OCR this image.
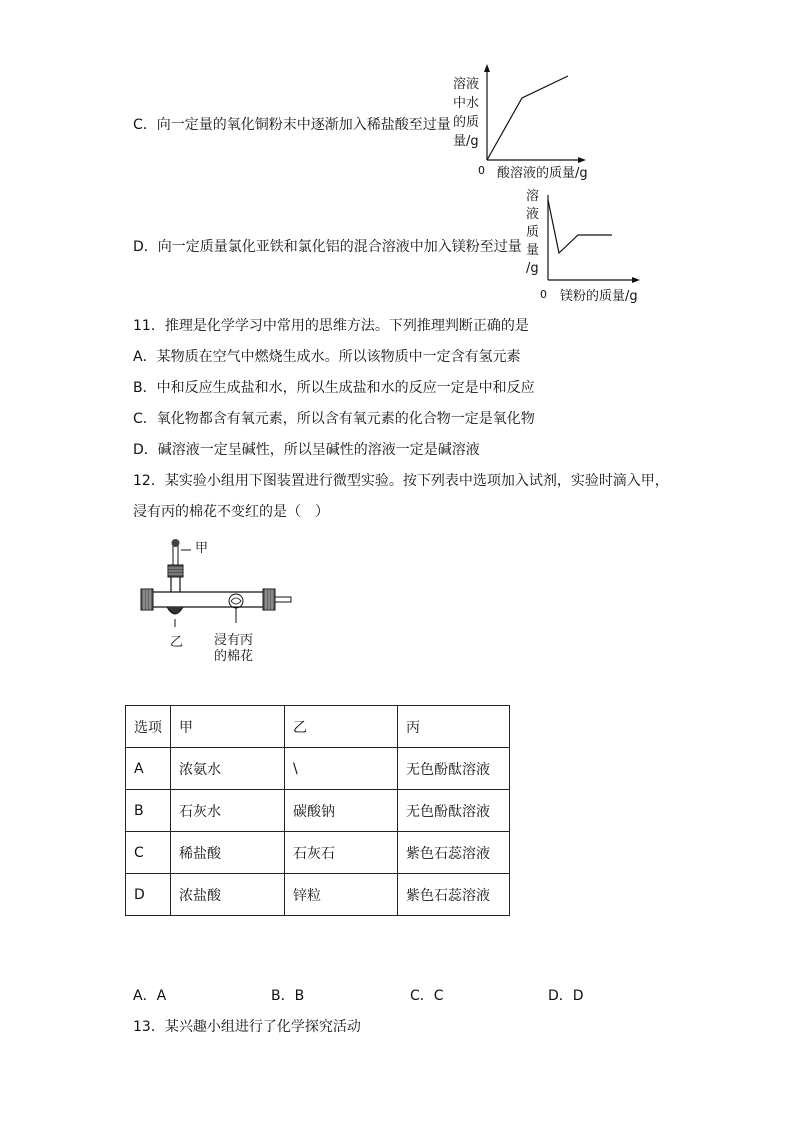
C．向一定量的氧化铜粉末中逐渐加入稀盐酸至过量
溶液
中水
的质
量/g
0 酸溶液的质量/g
D．向一定质量氯化亚铁和氯化铝的混合溶液中加入镁粉至过量
溶
液
质
量
/g
0 镁粉的质量/g
11．推理是化学学习中常用的思维方法。下列推理判断正确的是
A．某物质在空气中燃烧生成水。所以该物质中一定含有氢元素
B．中和反应生成盐和水，所以生成盐和水的反应一定是中和反应
C．氧化物都含有氧元素，所以含有氧元素的化合物一定是氧化物
D．碱溶液一定呈碱性，所以呈碱性的溶液一定是碱溶液
12．某实验小组用下图装置进行微型实验。按下列表中选项加入试剂，实验时滴入甲，
浸有丙的棉花不变红的是（　）
甲
乙 浸有丙
的棉花
选项	甲	乙	丙
A	浓氨水	\	无色酚酞溶液
B	石灰水	碳酸钠	无色酚酞溶液
C	稀盐酸	石灰石	紫色石蕊溶液
D	浓盐酸	锌粒	紫色石蕊溶液
A．A	B．B	C．C	D．D
13．某兴趣小组进行了化学探究活动
